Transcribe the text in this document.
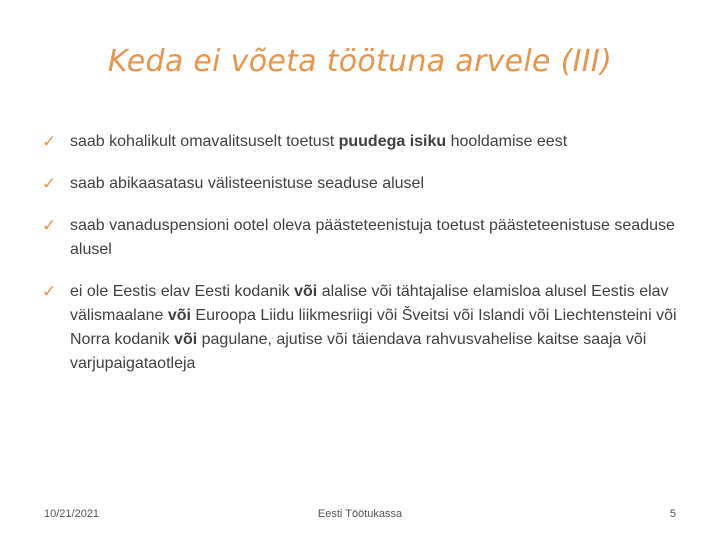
Keda ei võeta töötuna arvele (III)
✓ saab kohalikult omavalitsuselt toetust puudega isiku hooldamise eest
✓ saab abikaasatasu välisteenistuse seaduse alusel
✓ saab vanaduspensioni ootel oleva päästeteenistuja toetust päästeteenistuse seaduse alusel
✓ ei ole Eestis elav Eesti kodanik või alalise või tähtajalise elamisloa alusel Eestis elav välismaalane või Euroopa Liidu liikmesriigi või Šveitsi või Islandi või Liechtensteini või Norra kodanik või pagulane, ajutise või täiendava rahvusvahelise kaitse saaja või varjupaigataotleja
10/21/2021	Eesti Töötukassa	5
